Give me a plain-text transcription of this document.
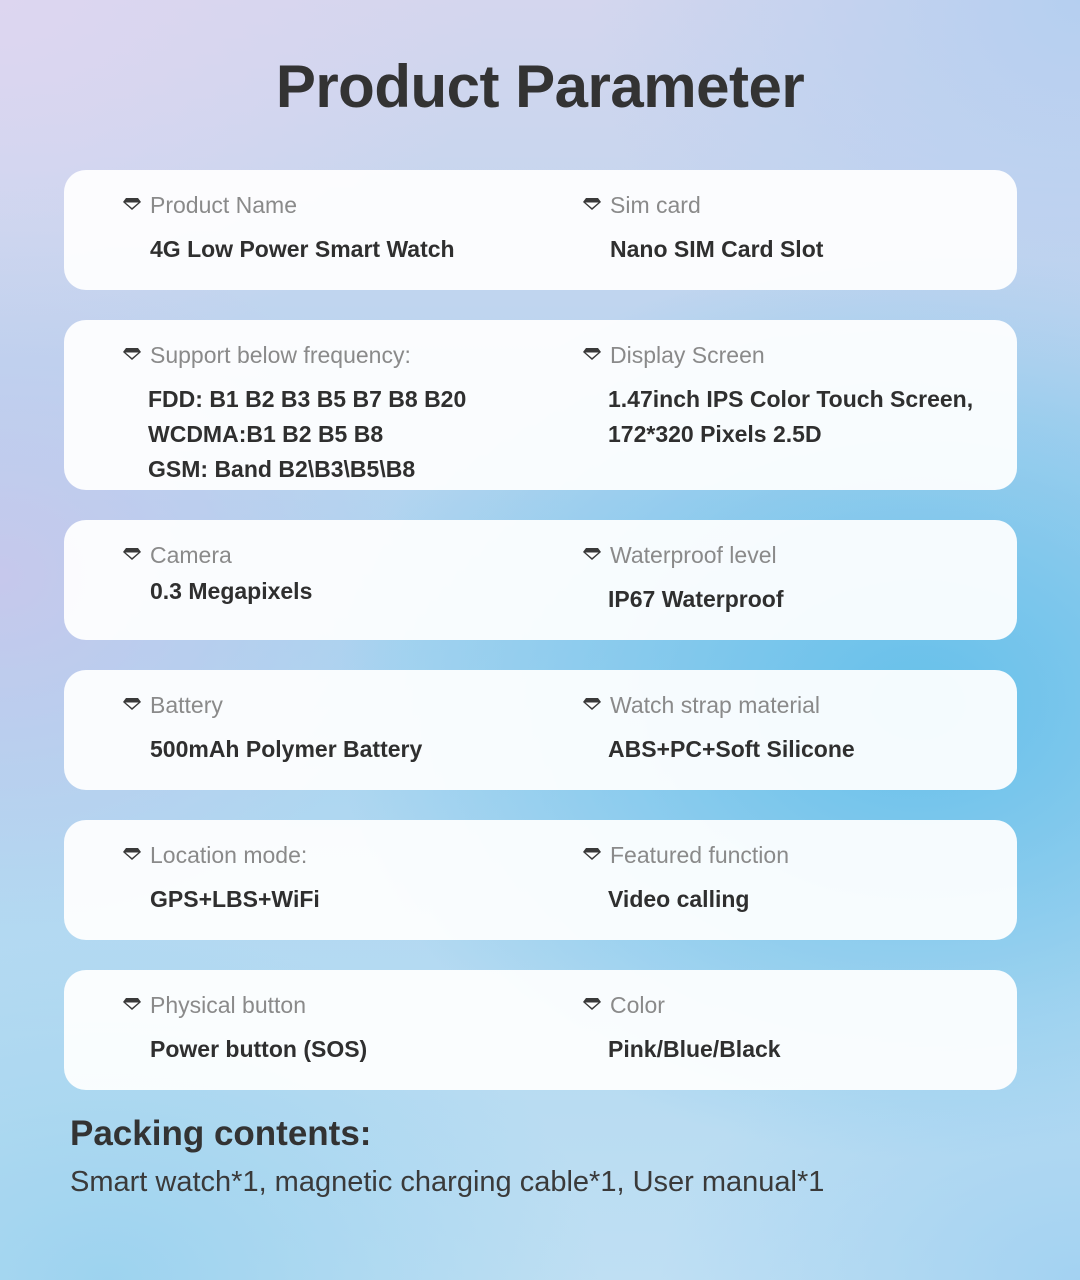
Product Parameter
Product Name
4G Low Power Smart Watch
Sim card
Nano SIM Card Slot
Support below frequency:
FDD: B1 B2 B3 B5 B7 B8 B20
WCDMA:B1 B2 B5 B8
GSM: Band B2\B3\B5\B8
Display Screen
1.47inch IPS Color Touch Screen,
172*320 Pixels 2.5D
Camera
0.3 Megapixels
Waterproof level
IP67 Waterproof
Battery
500mAh Polymer Battery
Watch strap material
ABS+PC+Soft Silicone
Location mode:
GPS+LBS+WiFi
Featured function
Video calling
Physical button
Power button (SOS)
Color
Pink/Blue/Black
Packing contents:

Smart watch*1, magnetic charging cable*1, User manual*1
